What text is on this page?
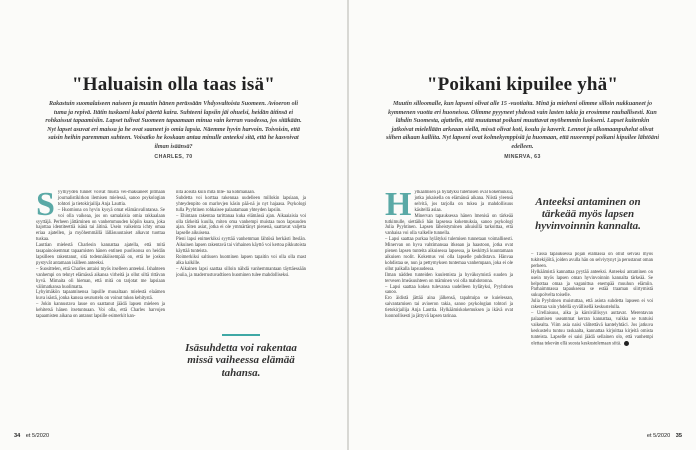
"Haluaisin olla taas isä"
Rakastuin suomalaiseen naiseen ja muutin hänen perässään Vhdysvaltoista Suomeen. Avioeron oli tuma ja repivä. Itätin tuskaeni kaksi päertä kaira. Suhteeni lapsiin jäi ohuelsi, heidän äitinsä ei rohkaissut tapaamisiin. Lapset tulivat Suomeen tapaamaan minua vain kerran vuodessa, jos sitäkään. Nyt lapset asuvat eri maissa ja he ovat saaneet jo omia lapsia. Näemme hyvin harvoin. Toivoisin, että saisin heihin paremman suhteen. Voisatko he koskaan antaa minulle anteeksi sitä, että he kasvoivat ilman isäänsä?
CHARLES, 70
S yylliyyden tunnet voivat musta vei-maksaneet pitmaan journalistikirkon ilemisen mielessä, sanoo psykologian tohtori ja tietokirjailija Anja Lauttia.
– Huomiona on hyvin kysyä omat elämänvalintansa. Se voi olla vaikeaa, jos on samalaisia omia rakkaalaan syyttäjä. Perheen jättäminen on vanhemmuuden köpiin kuara, joka hajottaa identiteettiä isänä tai äitinä. Usein vaikeinta ichty omaa eriaa ajatellen, ja myöhemmällä lälläsuuutaiset alkavat tuottaa tuskaa.
Lauttian mielestä Charlesin kannattaa ajatella, että mitä tasapainoisemmat tapaamisten hänen entinen puolisonsa on heidän lapsilleen rakentanut, sitä todennäköisempää on, että he joskus pystyvät antamaan isälleen anteeksi.
– Suosittelen, että Charles antaisi myös itselleen anteeksi. Ishahteen vanhempi on tehnyt elämässä aikansa virheitä ja ollut siltä rittävan hyvä. Mimaita oli hieman, että mitä on tarjotat me lapsiaan välimatkansa huolimatta.
Lyhyimäkön tapaaminensa lapsille muualtaan mielestä elaämen kuva isästä, jonka kanssa seurustelu on voinut tukea kehitystä.
– Jokin kannustava lause on saattanut jäädä lapsen mieleen ja kehitetsä hänen itsetuntoaan. Voi olla, että Charles harvojen tapaamisten aikana on antanut lapsille esimerkit kan-
nitä aoisita kuin mitä lille- nä kohmanaan.
Subdetta voi korttaa rakennaa uudelleen millokin lapsiaan, ja yhteydenpito on marlovjen käsin pää-nä jo nyt hajaasa. Psykologi tulla Pyyhtinen rohkaisee palaatamaan yhteyden lapsiin.
– Ehintaan rakentaa tarittanaa kuka elämässä ajan. Aikaaiaisia voi olla tärkeitä kuulla, miten oma vanhempi muistaa tuon lapsuuden ajan. Siten asiat, jotka ei ole ymmärtänyt pienenä, saattavat valjetta lapselle aikuisena.
Pieni lapsi enimerkiksi syyttää vanhemman lähtösä herkästi Iteslän. Aikuinen lapsen rakentavä tai virhainen käyttö voi kertoa pikkutoista käyttää tunteista.
Roimerkiksi saltiusen huominen lapsen tapaitin voi olla olla mast alka kalkille.
– Aikainen lapsi saattaa silloin nähdä vanhemmantaan täyttäessään jouiia, ja maderrustuvadtioen huominen tulee mahdolliseksi.
Isäsuhdetta voi rakentaa missä vaiheessa elämää tahansa.
34 et 5/2020
"Poikani kipuilee yhä"
Muutin silloomalle, kun lapseni olivat alle 15 -vuotiaita. Minä ja mieheni olimme silloin nukkuaneet jo kymmenen vuotta eri huoneissa. Olimme pyyyneet yhdessä vain lasten takia ja erosimme rauhallisesti. Kun lähdin Suomesta, ajattelin, että muutamat poikani muuttavat myöhemmin luokseni. Lapset kuitenkin jatkoivat mielellään arkeaan siellä, missä olivat koti, koulu ja kaverit. Lennot ja ulkomaanpuhelut olivat siihen aikaan kalliita. Nyt lapseni ovat kolmekymppisiä ja huomaan, että nuorempi poikani kipuilee lähtöäni edelleen.
MINERVA, 63
H ylkäämisen ja hylätyksi tulemisen oval kokemuksia, jotka jokaisella on elämänsä aikana. Niistä yleensä selvitä, jos tarjolla on tukea ja mahdollisuus käsitellä asiaa.
Minervan tapauksessa hänen lmenisä on tärkeää tutkimulle, siettäikö hän lapsensa kokemuksia, sanoo psykologi Julia Pyyhtinen. Lapsen läheistyminen aikuisillä tarkoittaa, että vanhaisa voi olla valkelle tunnella.
– Lapsi saattaa purkaa hylätyksi tulemisen tunnetaan voimallisesti. Minervan on hyva vahtimansaa itkeaan ja haastoon, jotka ovat pienen lapsen tunteita aikuisessa lapsessa, ja keskittyä kuuntamaan aikuisen roolit. Kokemus voi olla lapselle puhdistava. Hänvaa kohdistaa se, nun ja pettymyksen tuntemaa vanhempaan, joka ei ole ollut paikalla lapsuudessa.
Ilman nädden tunteiden kuulemista ja hyväksymistä suuden ja tervesen lmeäsuuhteen on mäminen voi olla mahdotonna.
– Lapsi saattaa kokea tulevansa uudelleen hylätyksi, Pyyhtinen sanoo.
Ero äidistä jättää aina jälkensä, tapahtuipa se kuielessan, saivantamisen tai avioeron takia, sanoo psykologian tohtori ja tietokirjailija Anja Lauttia. Hylkäämiskokemuksen ja ikävä ovat luonnollisesti ja jättyvä lapsen tarinaa.
Anteeksi antaminen on tärkeää myös lapsen hyvinvoinnin kannalta.
– Tässä tapauksessa pojan elämässä on ollut selväsi myös tukitekijöitä, joiden avulla hän on selviytynyt ja perustanut oman perheen.
Hylkäämistä kannattaa pyytää anteeksi. Anteeksi antaminen on usein myös lapsen oman hyvinvoinnin kannalta tärkeää. Se helpottaa omaa ja vaganittua enempää muuhun elämiin. Parhaimmassa tapauksessa se estää traaman siirtymistä sukupolvelta toiselle.
Julia Pyyhtinen muistuttaa, että asiota suhdetta lapseen ei voi rakentaa vain yhdellä syvällisellä keskustelulla.
– Urellaisuus, aika ja kärsivällisyys auttavat. Merentavan palaamisen useammat kerran kannattaa, vaikka se tuntuisi vaikealta. Viim asia naisi välitettävä kantelyhtäci. Jos jatkuva keskustelu tuntuu raskaalta, kannattaa kirjoittaa kirjeitä omista tunteista. Lapselle ei saisi jäädä sellainen olo, että vanhempi olettaa tekevän ellä suosta keskustelemaan siitä.
et 5/2020 35
